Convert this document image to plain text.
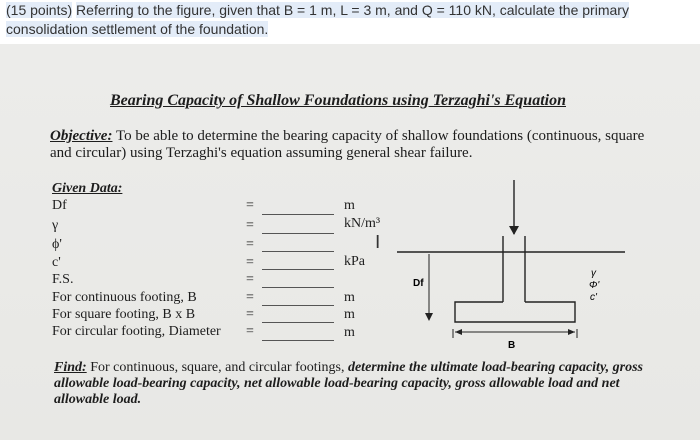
(15 points) Referring to the figure, given that B = 1 m, L = 3 m, and Q = 110 kN, calculate the primary consolidation settlement of the foundation.
Bearing Capacity of Shallow Foundations using Terzaghi's Equation
Objective: To be able to determine the bearing capacity of shallow foundations (continuous, square and circular) using Terzaghi's equation assuming general shear failure.
Given Data:
Df	=	m
γ	=	kN/m³
ϕ'	=
c'	=	kPa
F.S.	=
For continuous footing, B	=	m
For square footing, B x B	=	m
For circular footing, Diameter =	m
I
Df
B
γ
Φ'
c'
Find: For continuous, square, and circular footings, determine the ultimate load-bearing capacity, gross allowable load-bearing capacity, net allowable load-bearing capacity, gross allowable load and net allowable load.
